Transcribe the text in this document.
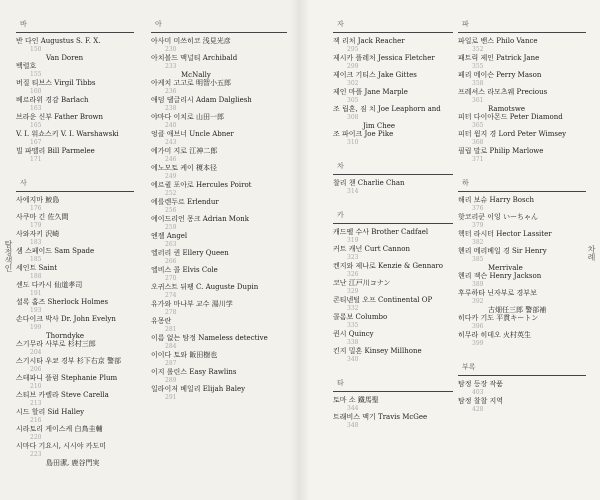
바
반 다인 Augustus S. F. X.
150
Van Doren
백렬호
155
버질 티브스 Virgil Tibbs
160
베르라위 경감 Barlach
163
브라운 신부 Father Brown
165
V. I. 워쇼스키 V. I. Warshawski
167
빌 파멜리 Bill Parmelee
171
사
사에지마 鮫島
176
사쿠마 긴 佐久間
179
사와자키 沢崎
183
샘 스페이드 Sam Spade
185
세인트 Saint
188
센도 다카시 仙道孝司
191
셜록 홈즈 Sherlock Holmes
193
손다이크 박사 Dr. John Evelyn
199
Thorndyke
스기무라 사부로 杉村三郎
204
스기시타 우쿄 경부 杉下右京 警部
206
스테파니 플럼 Stephanie Plum
210
스티브 카렐라 Steve Carella
213
시드 할리 Sid Halley
216
시라토리 게이스케 白鳥圭輔
220
시마다 기요시, 시시야 카도미
223
島田潔, 鹿谷門実
아
아사미 미쓰히코 浅見光彦
230
아치볼드 맥널티 Archibald
233
McNally
아케치 고고로 明智小五郎
236
애덤 댈글리시 Adam Dalgliesh
238
야마다 이치로 山田一郎
240
엉클 애브너 Uncle Abner
243
에가미 지로 江神二郎
246
에노모토 케이 榎本径
249
에르퀼 포아로 Hercules Poirot
252
에를렌두르 Erlendur
256
에이드리언 몽크 Adrian Monk
259
엔젤 Angel
263
엘러리 퀸 Ellery Queen
266
엘비스 콜 Elvis Cole
270
오귀스트 뒤팽 C. Auguste Dupin
274
유가와 마나부 교수 湯川学
278
유몽란
281
이름 없는 탐정 Nameless detective
284
이이다 토와 飯田樹也
287
이지 롤린스 Easy Rawlins
289
일라이저 베일리 Elijah Baley
291
탐정색인
자
잭 리처 Jack Reacher
295
제시카 플레처 Jessica Fletcher
299
제이크 기티스 Jake Gittes
302
제인 마플 Jane Marple
305
조 립혼, 짐 치 Joe Leaphorn and
308
Jim Chee
조 파이크 Joe Pike
310
차
찰리 챈 Charlie Chan
314
카
캐드펠 수사 Brother Cadfael
319
커트 캐넌 Curt Cannon
323
켄지와 제나로 Kenzie & Gennaro
326
코난 江戸川コナン
329
콘티넨털 오프 Continental OP
332
콜롬보 Columbo
335
퀸시 Quincy
338
킨지 밀혼 Kinsey Millhone
340
타
토마 소 鐵馬聖
344
트래비스 맥기 Travis McGee
348
파
파일로 밴스 Philo Vance
352
패트릭 제인 Patrick Jane
355
페리 메이슨 Perry Mason
358
프레셔스 라모츠웨 Precious
361
Ramotswe
피터 다이아몬드 Peter Diamond
365
피터 윔지 경 Lord Peter Wimsey
368
필립 말로 Philip Marlowe
371
하
해리 보슈 Harry Bosch
376
핫코리쿤 이잉 いーちゃん
379
헥터 라시터 Hector Lassiter
382
헨리 메리베일 경 Sir Henry
385
Merrivale
헨리 잭슨 Henry Jackson
389
후루하타 닌자부로 경부보
392
古畑任三郎 警部補
히다카 기도 平貫キートン
396
히무라 히데오 火村英生
399
부록
탐정 등장 작품
403
탐정 찰찰 지역
428
차례
